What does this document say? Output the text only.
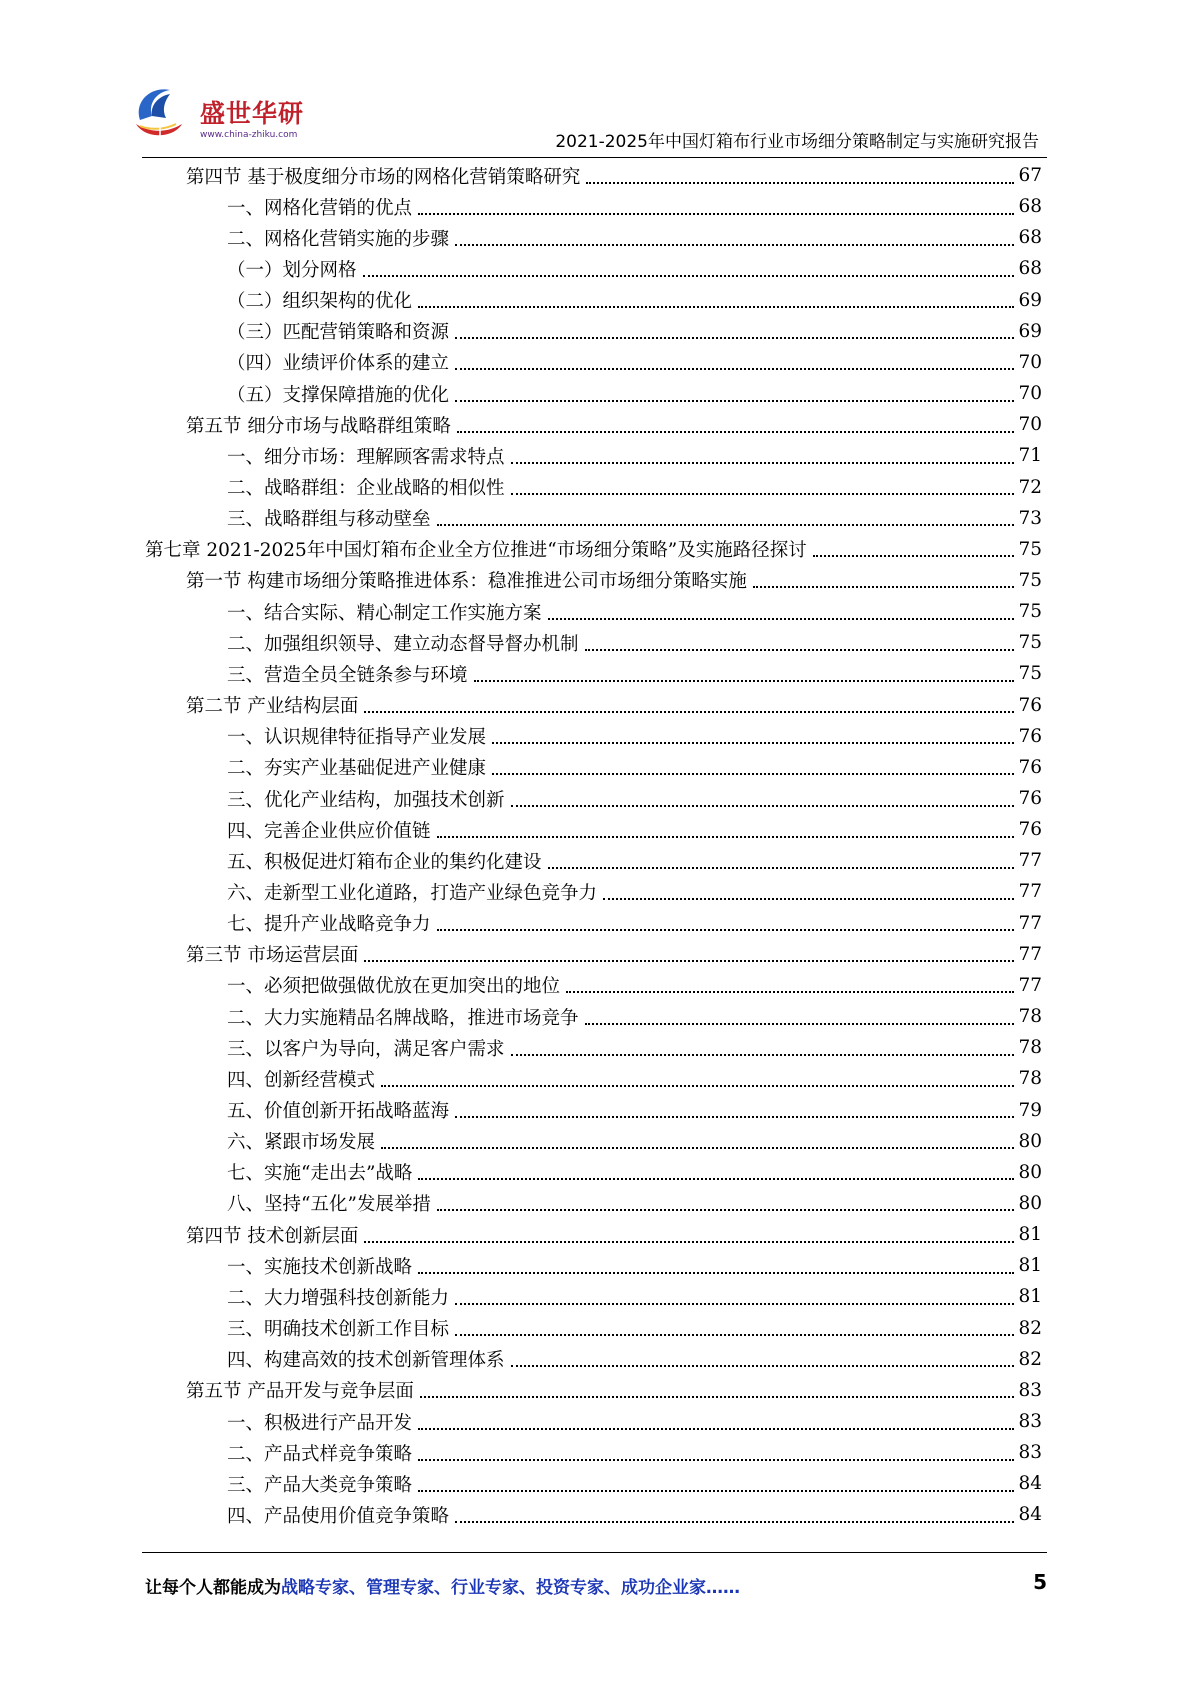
盛世华研
www.china-zhiku.com	2021-2025年中国灯箱布行业市场细分策略制定与实施研究报告
第四节 基于极度细分市场的网格化营销策略研究	67
一、网格化营销的优点	68
二、网格化营销实施的步骤	68
（一）划分网格	68
（二）组织架构的优化	69
（三）匹配营销策略和资源	69
（四）业绩评价体系的建立	70
（五）支撑保障措施的优化	70
第五节 细分市场与战略群组策略	70
一、细分市场：理解顾客需求特点	71
二、战略群组：企业战略的相似性	72
三、战略群组与移动壁垒	73
第七章 2021-2025年中国灯箱布企业全方位推进“市场细分策略”及实施路径探讨	75
第一节 构建市场细分策略推进体系：稳准推进公司市场细分策略实施	75
一、结合实际、精心制定工作实施方案	75
二、加强组织领导、建立动态督导督办机制	75
三、营造全员全链条参与环境	75
第二节 产业结构层面	76
一、认识规律特征指导产业发展	76
二、夯实产业基础促进产业健康	76
三、优化产业结构，加强技术创新	76
四、完善企业供应价值链	76
五、积极促进灯箱布企业的集约化建设	77
六、走新型工业化道路，打造产业绿色竞争力	77
七、提升产业战略竞争力	77
第三节 市场运营层面	77
一、必须把做强做优放在更加突出的地位	77
二、大力实施精品名牌战略，推进市场竞争	78
三、以客户为导向，满足客户需求	78
四、创新经营模式	78
五、价值创新开拓战略蓝海	79
六、紧跟市场发展	80
七、实施“走出去”战略	80
八、坚持“五化”发展举措	80
第四节 技术创新层面	81
一、实施技术创新战略	81
二、大力增强科技创新能力	81
三、明确技术创新工作目标	82
四、构建高效的技术创新管理体系	82
第五节 产品开发与竞争层面	83
一、积极进行产品开发	83
二、产品式样竞争策略	83
三、产品大类竞争策略	84
四、产品使用价值竞争策略	84
让每个人都能成为战略专家、管理专家、行业专家、投资专家、成功企业家……	5
